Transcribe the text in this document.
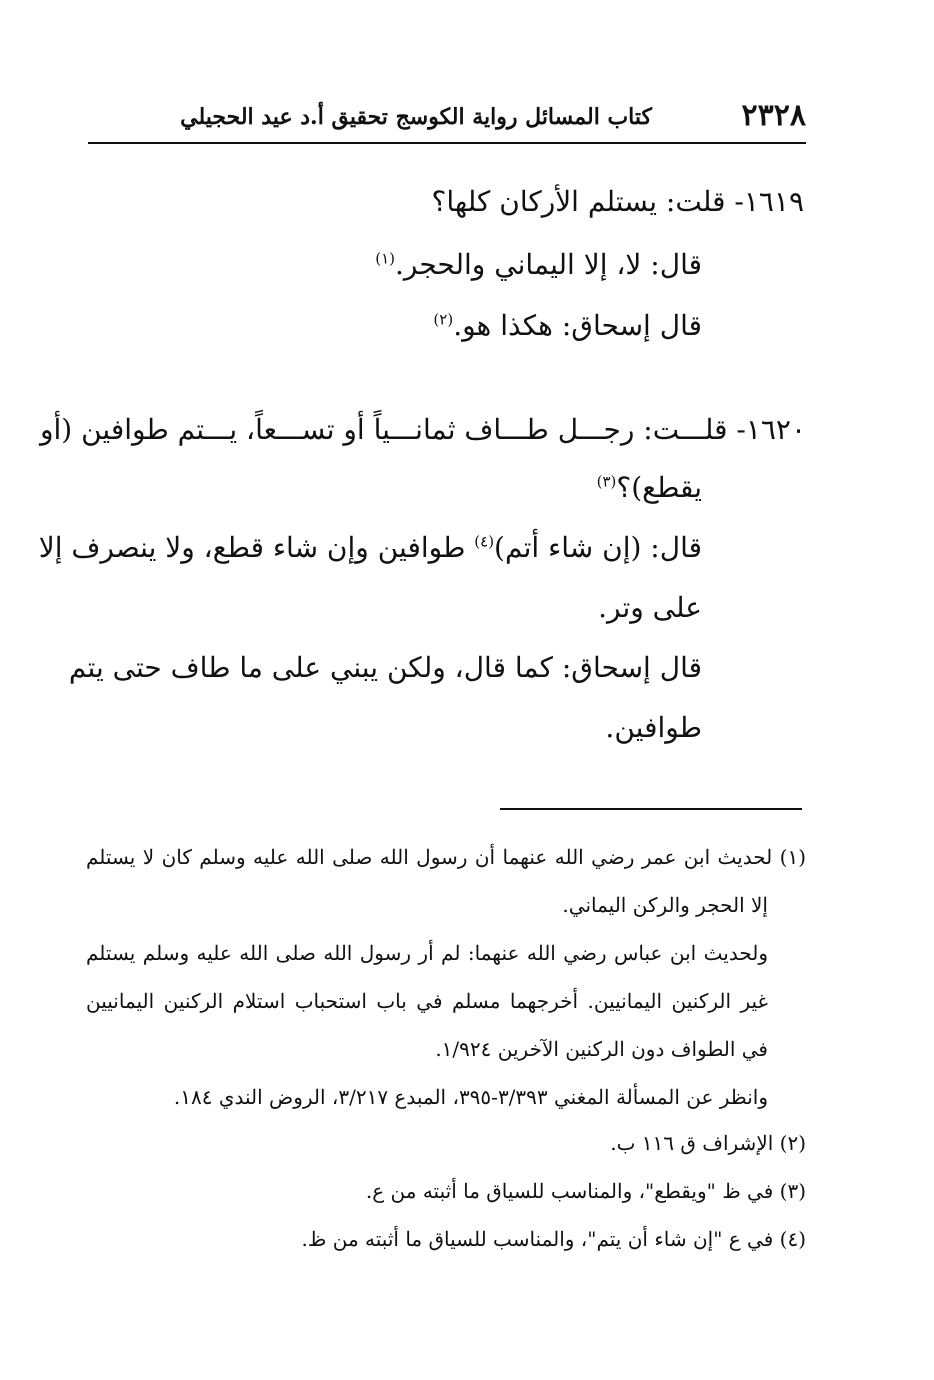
٢٣٢٨
كتاب المسائل رواية الكوسج تحقيق أ.د عيد الحجيلي
١٦١٩- قلت: يستلم الأركان كلها؟
قال: لا، إلا اليماني والحجر.$^{(١)}$
قال إسحاق: هكذا هو.$^{(٢)}$
١٦٢٠- قلـــت: رجـــل طـــاف ثمانـــياً أو تســـعاً، يـــتم طوافين (أو
يقطع)؟$^{(٣)}$
قال: (إن شاء أتم)$^{(٤)}$ طوافين وإن شاء قطع، ولا ينصرف إلا
على وتر.
قال إسحاق: كما قال، ولكن يبني على ما طاف حتى يتم
طوافين.
(١) لحديث ابن عمر رضي الله عنهما أن رسول الله صلى الله عليه وسلم كان لا يستلم
إلا الحجر والركن اليماني.
ولحديث ابن عباس رضي الله عنهما: لم أر رسول الله صلى الله عليه وسلم يستلم
غير الركنين اليمانيين. أخرجهما مسلم في باب استحباب استلام الركنين اليمانيين
في الطواف دون الركنين الآخرين ١/٩٢٤.
وانظر عن المسألة المغني ٣/٣٩٣-٣٩٥، المبدع ٣/٢١٧، الروض الندي ١٨٤.
(٢) الإشراف ق ١١٦ ب.
(٣) في ظ "ويقطع"، والمناسب للسياق ما أثبته من ع.
(٤) في ع "إن شاء أن يتم"، والمناسب للسياق ما أثبته من ظ.
